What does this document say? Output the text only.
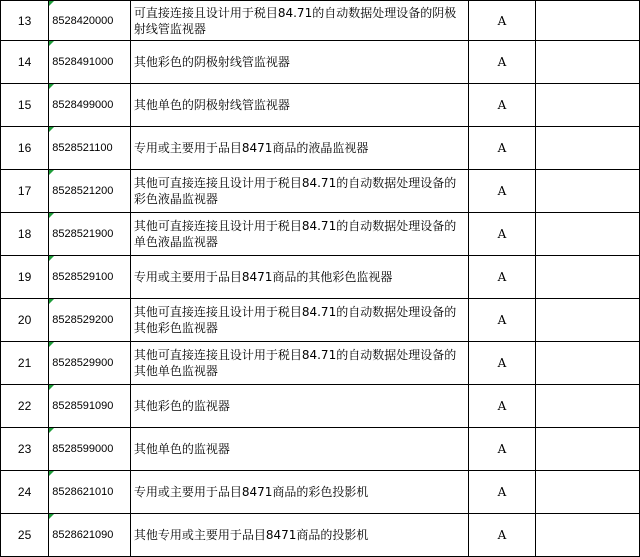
13	8528420000	可直接连接且设计用于税目84.71的自动数据处理设备的阴极射线管监视器	A	
14	8528491000	其他彩色的阴极射线管监视器	A	
15	8528499000	其他单色的阴极射线管监视器	A	
16	8528521100	专用或主要用于品目8471商品的液晶监视器	A	
17	8528521200	其他可直接连接且设计用于税目84.71的自动数据处理设备的彩色液晶监视器	A	
18	8528521900	其他可直接连接且设计用于税目84.71的自动数据处理设备的单色液晶监视器	A	
19	8528529100	专用或主要用于品目8471商品的其他彩色监视器	A	
20	8528529200	其他可直接连接且设计用于税目84.71的自动数据处理设备的其他彩色监视器	A	
21	8528529900	其他可直接连接且设计用于税目84.71的自动数据处理设备的其他单色监视器	A	
22	8528591090	其他彩色的监视器	A	
23	8528599000	其他单色的监视器	A	
24	8528621010	专用或主要用于品目8471商品的彩色投影机	A	
25	8528621090	其他专用或主要用于品目8471商品的投影机	A	
